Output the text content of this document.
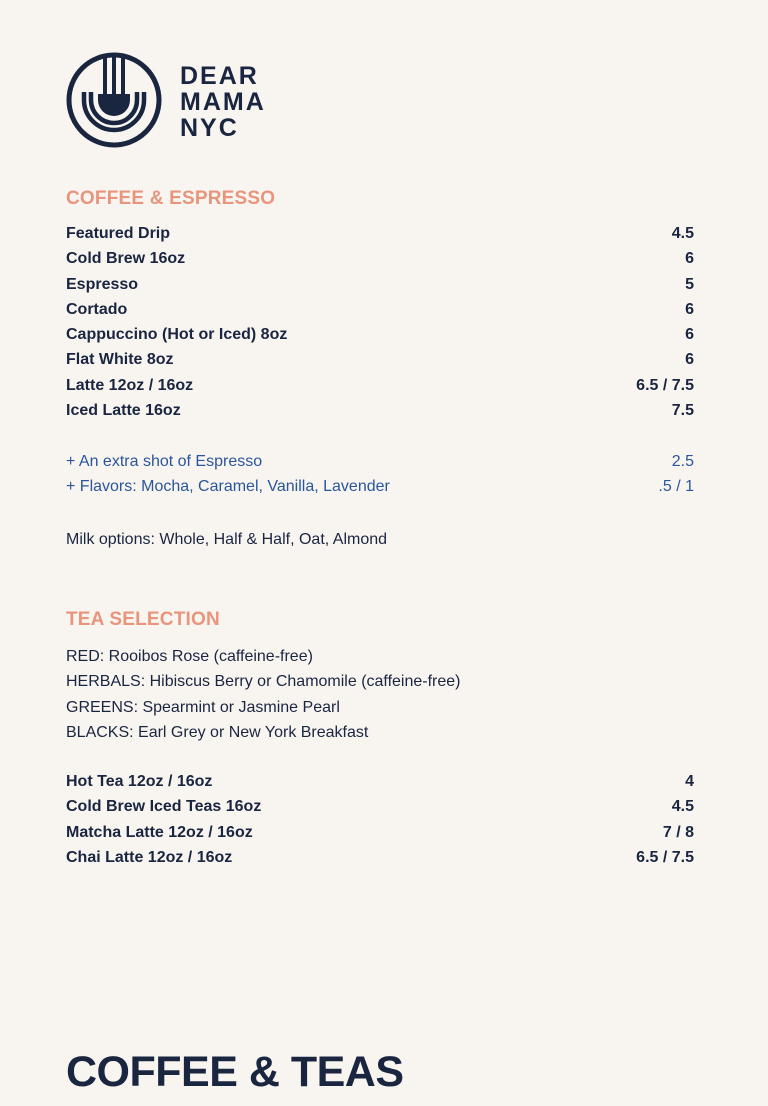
DEAR
MAMA
NYC
COFFEE & ESPRESSO
Featured Drip	4.5
Cold Brew 16oz	6
Espresso	5
Cortado	6
Cappuccino (Hot or Iced) 8oz	6
Flat White 8oz	6
Latte 12oz / 16oz	6.5 / 7.5
Iced Latte 16oz	7.5
+ An extra shot of Espresso	2.5
+ Flavors: Mocha, Caramel, Vanilla, Lavender	.5 / 1
Milk options: Whole, Half & Half, Oat, Almond
TEA SELECTION
RED: Rooibos Rose (caffeine-free)
HERBALS: Hibiscus Berry or Chamomile (caffeine-free)
GREENS: Spearmint or Jasmine Pearl
BLACKS: Earl Grey or New York Breakfast
Hot Tea 12oz / 16oz	4
Cold Brew Iced Teas 16oz	4.5
Matcha Latte 12oz / 16oz	7 / 8
Chai Latte 12oz / 16oz	6.5 / 7.5
COFFEE & TEAS
